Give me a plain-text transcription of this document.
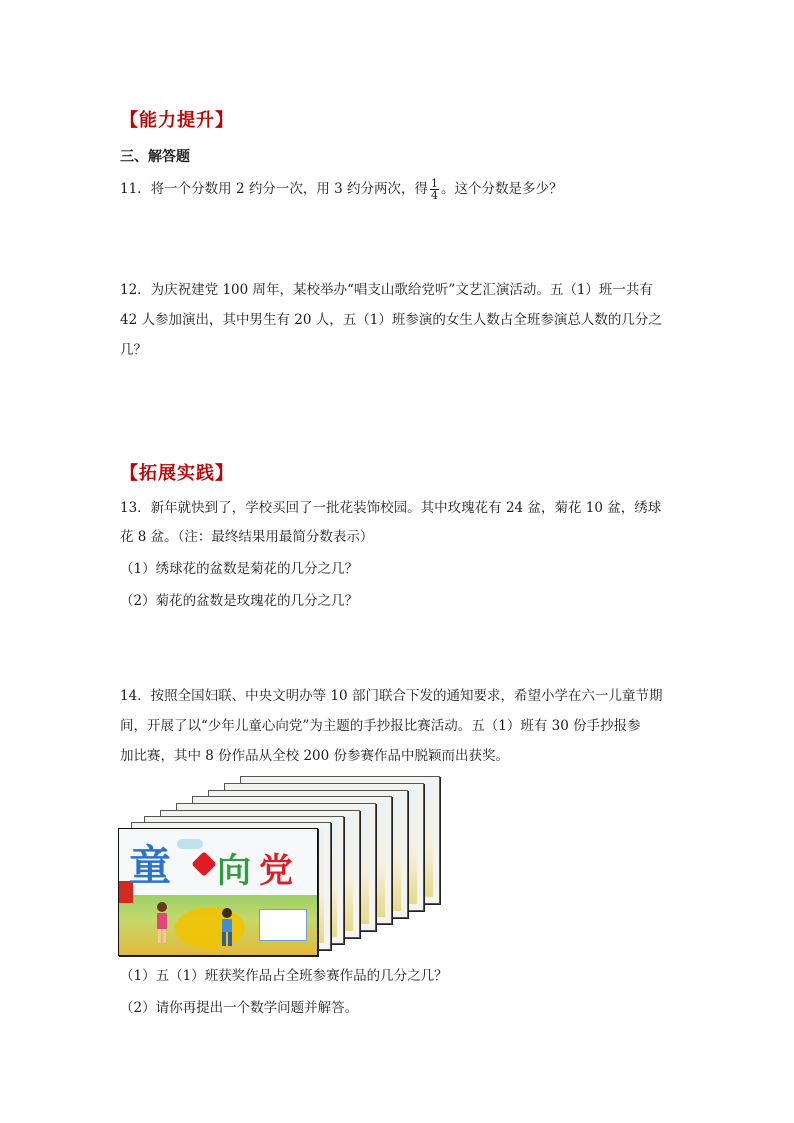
【能力提升】
三、解答题
11．将一个分数用 2 约分一次，用 3 约分两次，得 $\frac{1}{4}$ 。这个分数是多少？
12．为庆祝建党 100 周年，某校举办“唱支山歌给党听”文艺汇演活动。五（1）班一共有
42 人参加演出，其中男生有 20 人，五（1）班参演的女生人数占全班参演总人数的几分之
几？
【拓展实践】
13．新年就快到了，学校买回了一批花装饰校园。其中玫瑰花有 24 盆，菊花 10 盆，绣球
花 8 盆。（注：最终结果用最简分数表示）
（1）绣球花的盆数是菊花的几分之几？
（2）菊花的盆数是玫瑰花的几分之几？
14．按照全国妇联、中央文明办等 10 部门联合下发的通知要求，希望小学在六一儿童节期
间，开展了以“少年儿童心向党”为主题的手抄报比赛活动。五（1）班有 30 份手抄报参
加比赛，其中 8 份作品从全校 200 份参赛作品中脱颖而出获奖。
童 向 党
（1）五（1）班获奖作品占全班参赛作品的几分之几？
（2）请你再提出一个数学问题并解答。
